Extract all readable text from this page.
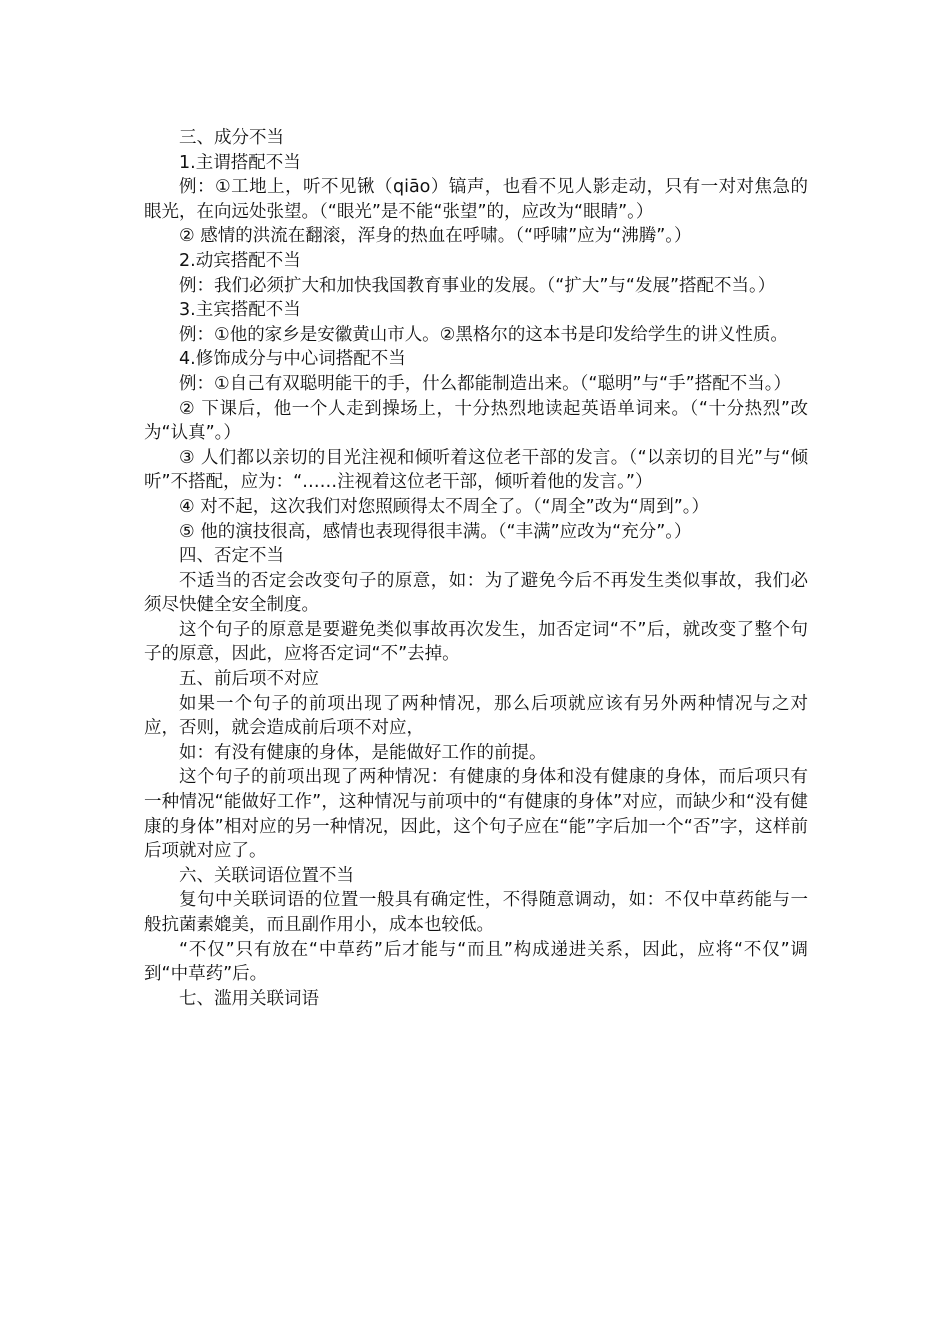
三、成分不当

1.主谓搭配不当

例：①工地上，听不见锹（qiāo）镐声，也看不见人影走动，只有一对对焦急的眼光，在向远处张望。（“眼光”是不能“张望”的，应改为“眼睛”。）

② 感情的洪流在翻滚，浑身的热血在呼啸。（“呼啸”应为“沸腾”。）

2.动宾搭配不当

例：我们必须扩大和加快我国教育事业的发展。（“扩大”与“发展”搭配不当。）

3.主宾搭配不当

例：①他的家乡是安徽黄山市人。②黑格尔的这本书是印发给学生的讲义性质。

4.修饰成分与中心词搭配不当

例：①自己有双聪明能干的手，什么都能制造出来。（“聪明”与“手”搭配不当。）

② 下课后，他一个人走到操场上，十分热烈地读起英语单词来。（“十分热烈”改为“认真”。）

③ 人们都以亲切的目光注视和倾听着这位老干部的发言。（“以亲切的目光”与“倾听”不搭配，应为：“……注视着这位老干部，倾听着他的发言。”）

④ 对不起，这次我们对您照顾得太不周全了。（“周全”改为“周到”。）

⑤ 他的演技很高，感情也表现得很丰满。（“丰满”应改为“充分”。）

四、否定不当

不适当的否定会改变句子的原意，如：为了避免今后不再发生类似事故，我们必须尽快健全安全制度。

这个句子的原意是要避免类似事故再次发生，加否定词“不”后，就改变了整个句子的原意，因此，应将否定词“不”去掉。

五、前后项不对应

如果一个句子的前项出现了两种情况，那么后项就应该有另外两种情况与之对应，否则，就会造成前后项不对应，

如：有没有健康的身体，是能做好工作的前提。

这个句子的前项出现了两种情况：有健康的身体和没有健康的身体，而后项只有一种情况“能做好工作”，这种情况与前项中的“有健康的身体”对应，而缺少和“没有健康的身体”相对应的另一种情况，因此，这个句子应在“能”字后加一个“否”字，这样前后项就对应了。

六、关联词语位置不当

复句中关联词语的位置一般具有确定性，不得随意调动，如：不仅中草药能与一般抗菌素媲美，而且副作用小，成本也较低。

“不仅”只有放在“中草药”后才能与“而且”构成递进关系，因此，应将“不仅”调到“中草药”后。

七、滥用关联词语
